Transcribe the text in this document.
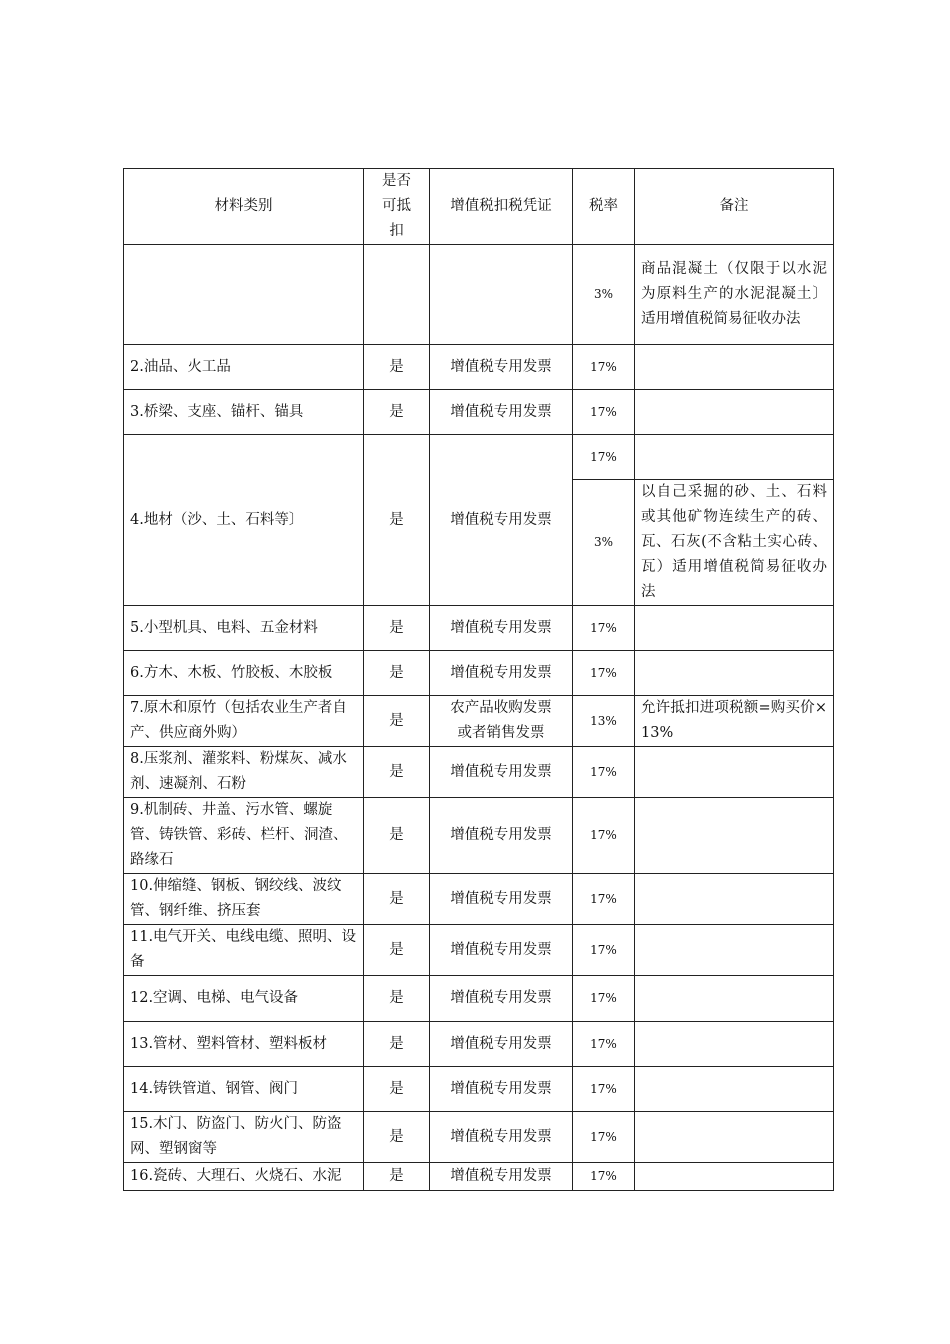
材料类别	是否可抵扣	增值税扣税凭证	税率	备注
			3%	商品混凝土（仅限于以水泥为原料生产的水泥混凝土〕适用增值税简易征收办法
2.油品、火工品	是	增值税专用发票	17%	
3.桥梁、支座、锚杆、锚具	是	增值税专用发票	17%	
4.地材（沙、土、石料等〕	是	增值税专用发票	17%	
			3%	以自己采掘的砂、土、石料或其他矿物连续生产的砖、瓦、石灰(不含粘土实心砖、瓦）适用增值税简易征收办法
5.小型机具、电料、五金材料	是	增值税专用发票	17%	
6.方木、木板、竹胶板、木胶板	是	增值税专用发票	17%	
7.原木和原竹（包括农业生产者自产、供应商外购）	是	农产品收购发票或者销售发票	13%	允许抵扣进项税额=购买价×13%
8.压浆剂、灌浆料、粉煤灰、减水剂、速凝剂、石粉	是	增值税专用发票	17%	
9.机制砖、井盖、污水管、螺旋管、铸铁管、彩砖、栏杆、洞渣、路缘石	是	增值税专用发票	17%	
10.伸缩缝、钢板、钢绞线、波纹管、钢纤维、挤压套	是	增值税专用发票	17%	
11.电气开关、电线电缆、照明、设备	是	增值税专用发票	17%	
12.空调、电梯、电气设备	是	增值税专用发票	17%	
13.管材、塑料管材、塑料板材	是	增值税专用发票	17%	
14.铸铁管道、钢管、阀门	是	增值税专用发票	17%	
15.木门、防盗门、防火门、防盗网、塑钢窗等	是	增值税专用发票	17%	
16.瓷砖、大理石、火烧石、水泥	是	增值税专用发票	17%	
